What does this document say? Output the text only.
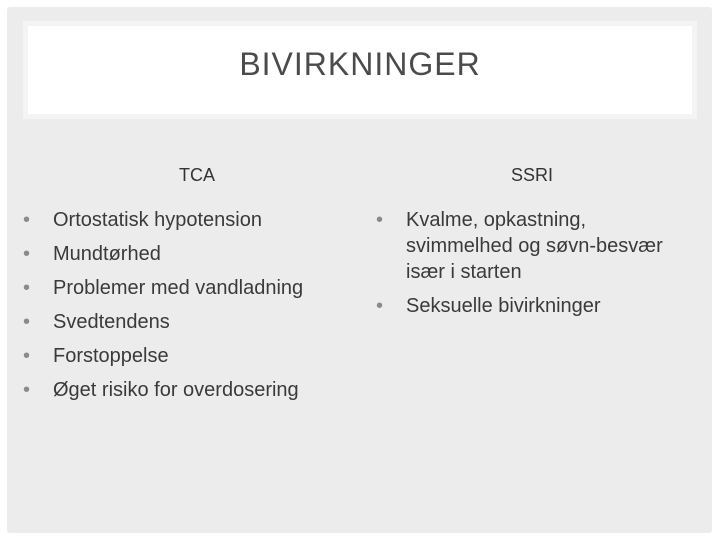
BIVIRKNINGER
TCA	SSRI
•	Ortostatisk hypotension
•	Mundtørhed
•	Problemer med vandladning
•	Svedtendens
•	Forstoppelse
•	Øget risiko for overdosering
•	Kvalme, opkastning, svimmelhed og søvn-besvær især i starten
•	Seksuelle bivirkninger
